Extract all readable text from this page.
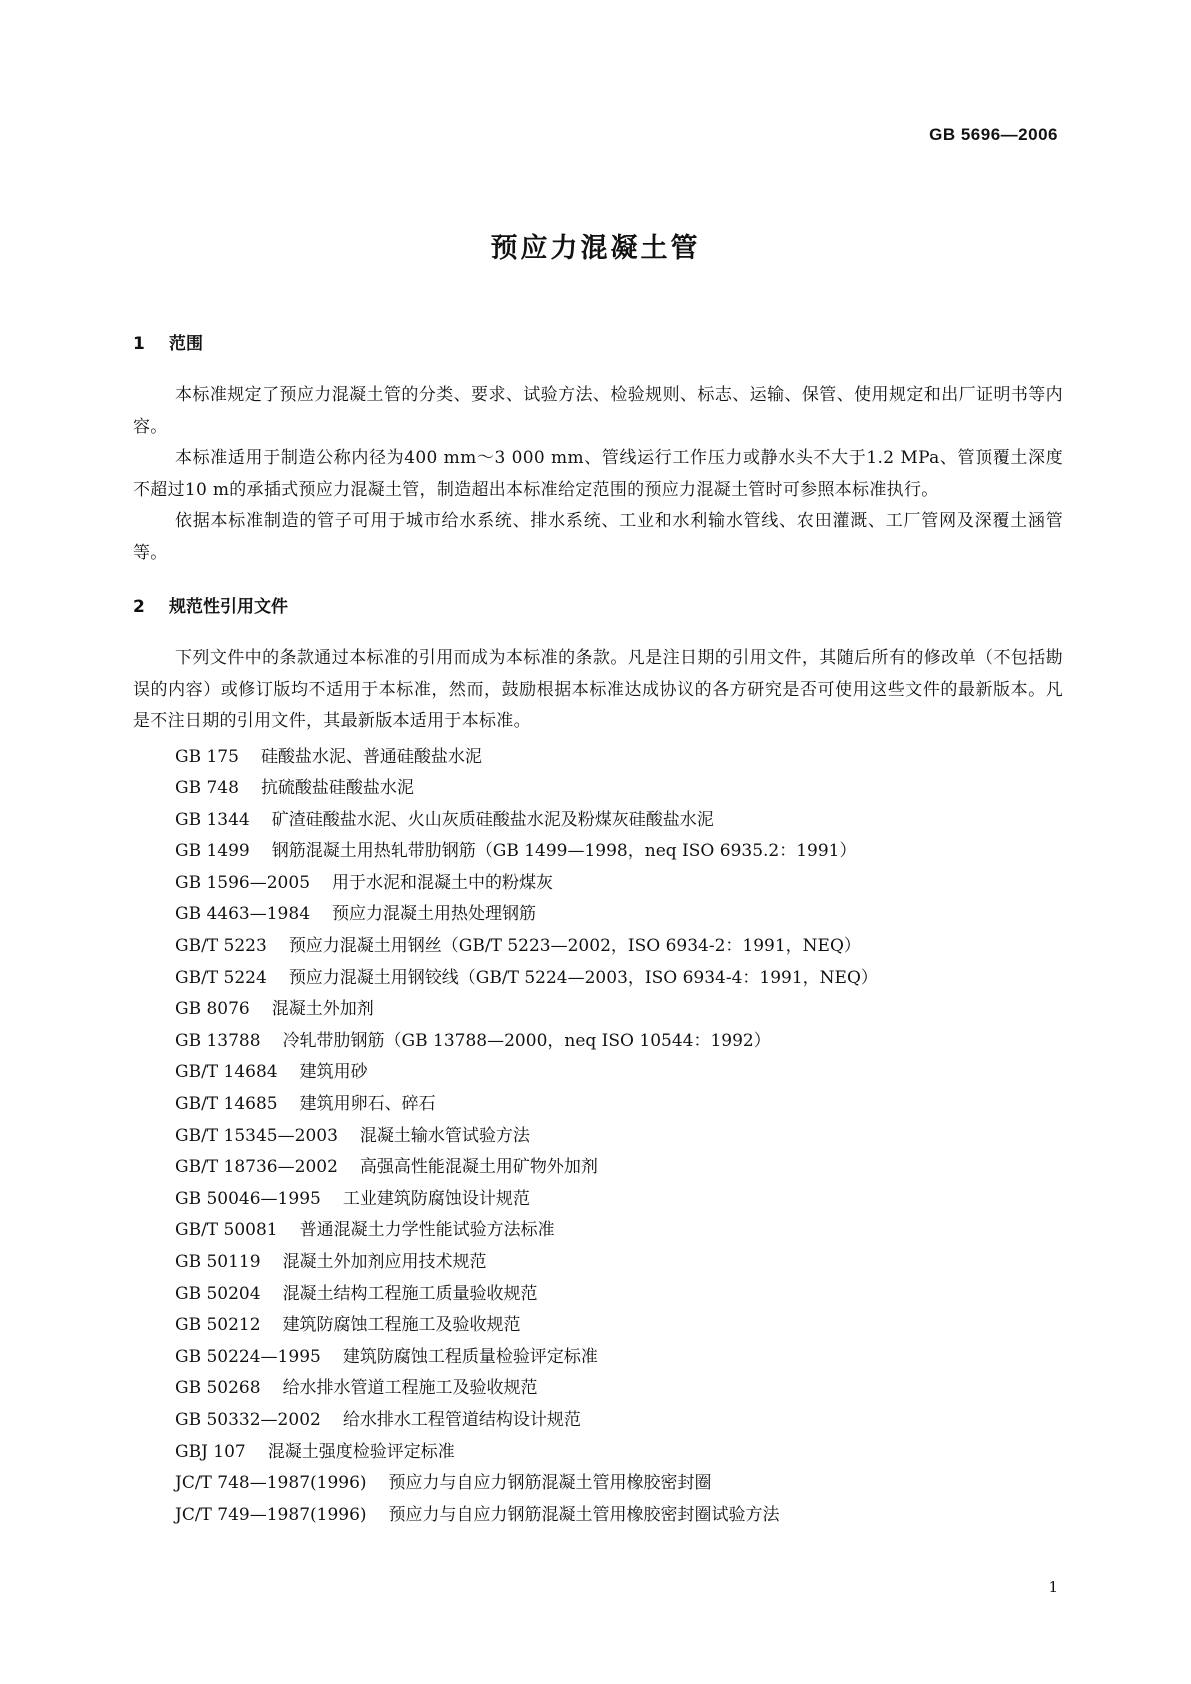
GB 5696—2006
预应力混凝土管
1 范围
本标准规定了预应力混凝土管的分类、要求、试验方法、检验规则、标志、运输、保管、使用规定和出厂证明书等内容。
本标准适用于制造公称内径为400 mm～3 000 mm、管线运行工作压力或静水头不大于1.2 MPa、管顶覆土深度不超过10 m的承插式预应力混凝土管，制造超出本标准给定范围的预应力混凝土管时可参照本标准执行。
依据本标准制造的管子可用于城市给水系统、排水系统、工业和水利输水管线、农田灌溉、工厂管网及深覆土涵管等。
2 规范性引用文件
下列文件中的条款通过本标准的引用而成为本标准的条款。凡是注日期的引用文件，其随后所有的修改单（不包括勘误的内容）或修订版均不适用于本标准，然而，鼓励根据本标准达成协议的各方研究是否可使用这些文件的最新版本。凡是不注日期的引用文件，其最新版本适用于本标准。
GB 175 硅酸盐水泥、普通硅酸盐水泥
GB 748 抗硫酸盐硅酸盐水泥
GB 1344 矿渣硅酸盐水泥、火山灰质硅酸盐水泥及粉煤灰硅酸盐水泥
GB 1499 钢筋混凝土用热轧带肋钢筋（GB 1499—1998，neq ISO 6935.2：1991）
GB 1596—2005 用于水泥和混凝土中的粉煤灰
GB 4463—1984 预应力混凝土用热处理钢筋
GB/T 5223 预应力混凝土用钢丝（GB/T 5223—2002，ISO 6934-2：1991，NEQ）
GB/T 5224 预应力混凝土用钢铰线（GB/T 5224—2003，ISO 6934-4：1991，NEQ）
GB 8076 混凝土外加剂
GB 13788 冷轧带肋钢筋（GB 13788—2000，neq ISO 10544：1992）
GB/T 14684 建筑用砂
GB/T 14685 建筑用卵石、碎石
GB/T 15345—2003 混凝土输水管试验方法
GB/T 18736—2002 高强高性能混凝土用矿物外加剂
GB 50046—1995 工业建筑防腐蚀设计规范
GB/T 50081 普通混凝土力学性能试验方法标准
GB 50119 混凝土外加剂应用技术规范
GB 50204 混凝土结构工程施工质量验收规范
GB 50212 建筑防腐蚀工程施工及验收规范
GB 50224—1995 建筑防腐蚀工程质量检验评定标准
GB 50268 给水排水管道工程施工及验收规范
GB 50332—2002 给水排水工程管道结构设计规范
GBJ 107 混凝土强度检验评定标准
JC/T 748—1987(1996) 预应力与自应力钢筋混凝土管用橡胶密封圈
JC/T 749—1987(1996) 预应力与自应力钢筋混凝土管用橡胶密封圈试验方法
1
